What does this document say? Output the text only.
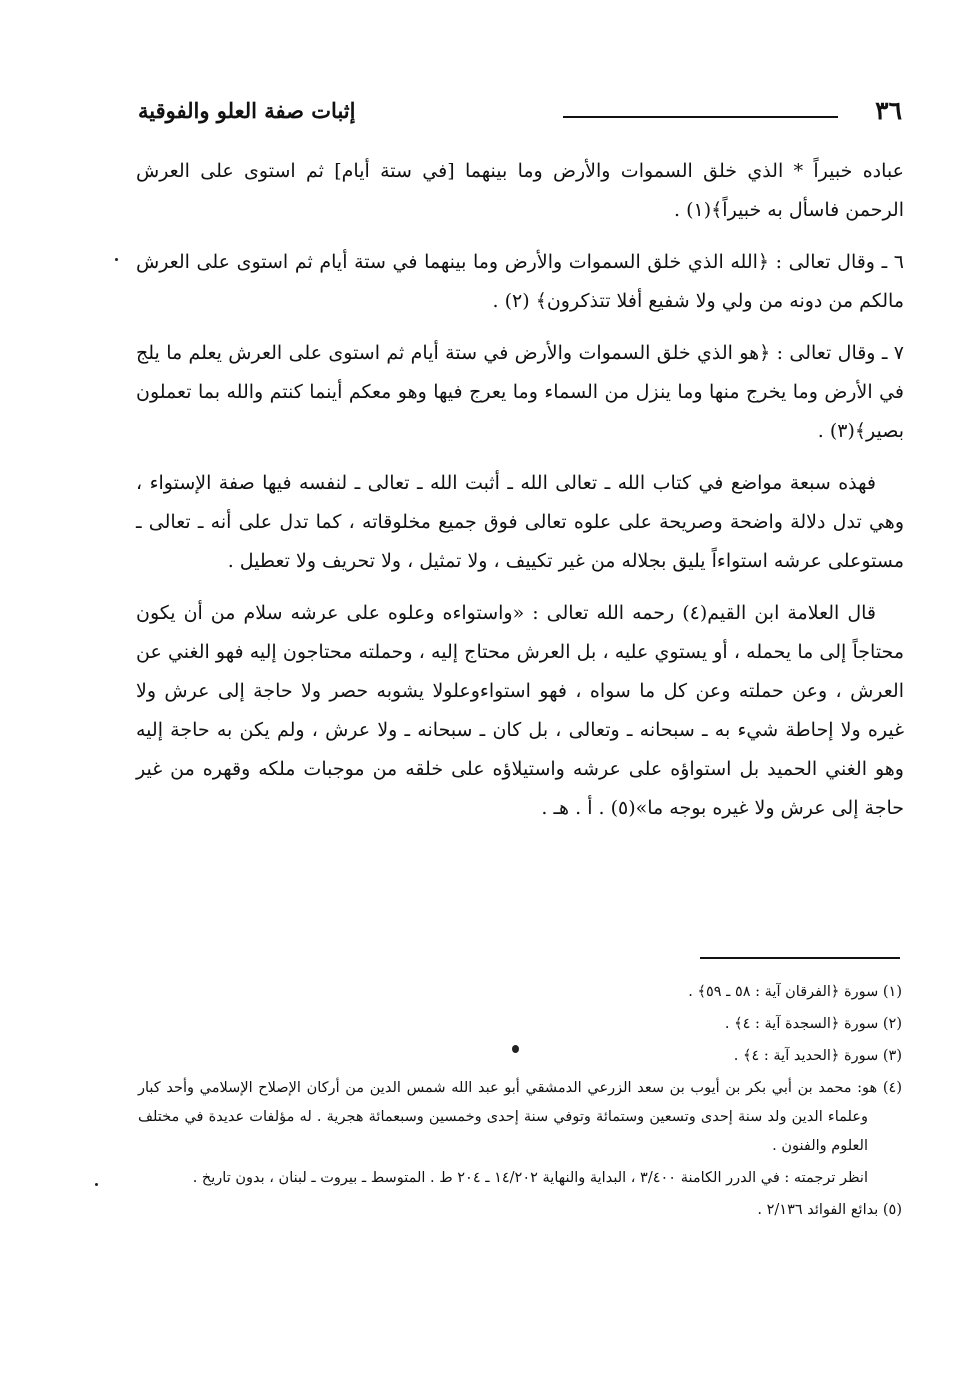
٣٦
إثبات صفة العلو والفوقية

عباده خبيراً * الذي خلق السموات والأرض وما بينهما [في ستة أيام] ثم استوى على العرش الرحمن فاسأل به خبيراً﴾(١) .

٦ ـ وقال تعالى : ﴿الله الذي خلق السموات والأرض وما بينهما في ستة أيام ثم استوى على العرش مالكم من دونه من ولي ولا شفيع أفلا تتذكرون﴾ (٢) .

٧ ـ وقال تعالى : ﴿هو الذي خلق السموات والأرض في ستة أيام ثم استوى على العرش يعلم ما يلج في الأرض وما يخرج منها وما ينزل من السماء وما يعرج فيها وهو معكم أينما كنتم والله بما تعملون بصير﴾(٣) .

فهذه سبعة مواضع في كتاب الله ـ تعالى الله ـ أثبت الله ـ تعالى ـ لنفسه فيها صفة الإستواء ، وهي تدل دلالة واضحة وصريحة على علوه تعالى فوق جميع مخلوقاته ، كما تدل على أنه ـ تعالى ـ مستوعلى عرشه استواءاً يليق بجلاله من غير تكييف ، ولا تمثيل ، ولا تحريف ولا تعطيل .

قال العلامة ابن القيم(٤) رحمه الله تعالى : «واستواءه وعلوه على عرشه سلام من أن يكون محتاجاً إلى ما يحمله ، أو يستوي عليه ، بل العرش محتاج إليه ، وحملته محتاجون إليه فهو الغني عن العرش ، وعن حملته وعن كل ما سواه ، فهو استواءوعلولا يشوبه حصر ولا حاجة إلى عرش ولا غيره ولا إحاطة شيء به ـ سبحانه ـ وتعالى ، بل كان ـ سبحانه ـ ولا عرش ، ولم يكن به حاجة إليه وهو الغني الحميد بل استواؤه على عرشه واستيلاؤه على خلقه من موجبات ملكه وقهره من غير حاجة إلى عرش ولا غيره بوجه ما»(٥) . أ . هـ .

(١) سورة ﴿الفرقان آية : ٥٨ ـ ٥٩﴾ .

(٢) سورة ﴿السجدة آية : ٤﴾ .

(٣) سورة ﴿الحديد آية : ٤﴾ .

(٤) هو: محمد بن أبي بكر بن أيوب بن سعد الزرعي الدمشقي أبو عبد الله شمس الدين من أركان الإصلاح الإسلامي وأحد كبار وعلماء الدين ولد سنة إحدى وتسعين وستمائة وتوفي سنة إحدى وخمسين وسبعمائة هجرية . له مؤلفات عديدة في مختلف العلوم والفنون .

انظر ترجمته : في الدرر الكامنة ٣/٤٠٠ ، البداية والنهاية ١٤/٢٠٢ ـ ٢٠٤ ط . المتوسط ـ بيروت ـ لبنان ، بدون تاريخ .

(٥) بدائع الفوائد ٢/١٣٦ .
